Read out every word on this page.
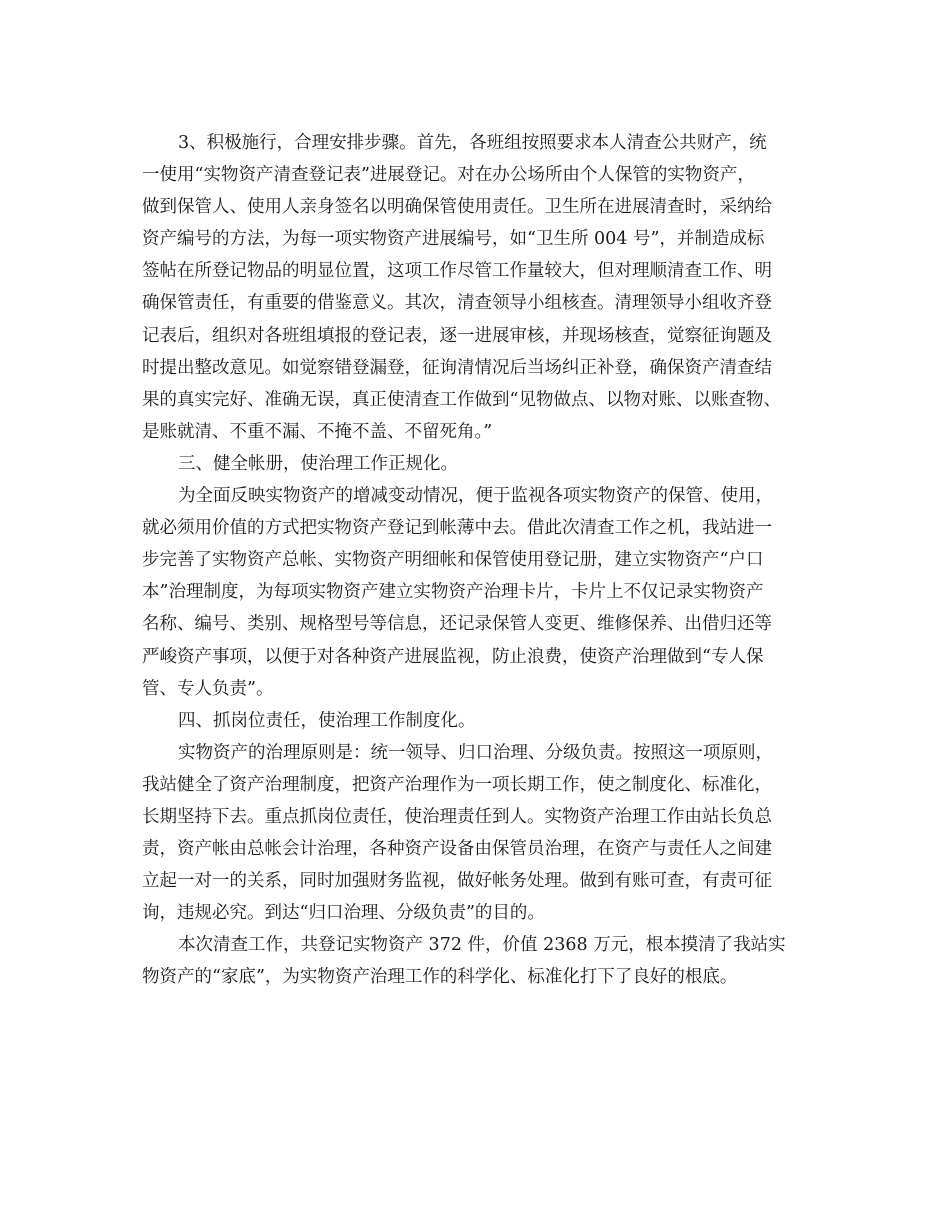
3、积极施行，合理安排步骤。首先，各班组按照要求本人清查公共财产，统
一使用“实物资产清查登记表”进展登记。对在办公场所由个人保管的实物资产，
做到保管人、使用人亲身签名以明确保管使用责任。卫生所在进展清查时，采纳给
资产编号的方法，为每一项实物资产进展编号，如“卫生所 004 号”，并制造成标
签帖在所登记物品的明显位置，这项工作尽管工作量较大，但对理顺清查工作、明
确保管责任，有重要的借鉴意义。其次，清查领导小组核查。清理领导小组收齐登
记表后，组织对各班组填报的登记表，逐一进展审核，并现场核查，觉察征询题及
时提出整改意见。如觉察错登漏登，征询清情况后当场纠正补登，确保资产清查结
果的真实完好、准确无误，真正使清查工作做到“见物做点、以物对账、以账查物、
是账就清、不重不漏、不掩不盖、不留死角。”
三、健全帐册，使治理工作正规化。
为全面反映实物资产的增减变动情况，便于监视各项实物资产的保管、使用，
就必须用价值的方式把实物资产登记到帐薄中去。借此次清查工作之机，我站进一
步完善了实物资产总帐、实物资产明细帐和保管使用登记册，建立实物资产“户口
本”治理制度，为每项实物资产建立实物资产治理卡片，卡片上不仅记录实物资产
名称、编号、类别、规格型号等信息，还记录保管人变更、维修保养、出借归还等
严峻资产事项，以便于对各种资产进展监视，防止浪费，使资产治理做到“专人保
管、专人负责”。
四、抓岗位责任，使治理工作制度化。
实物资产的治理原则是：统一领导、归口治理、分级负责。按照这一项原则，
我站健全了资产治理制度，把资产治理作为一项长期工作，使之制度化、标准化，
长期坚持下去。重点抓岗位责任，使治理责任到人。实物资产治理工作由站长负总
责，资产帐由总帐会计治理，各种资产设备由保管员治理，在资产与责任人之间建
立起一对一的关系，同时加强财务监视，做好帐务处理。做到有账可查，有责可征
询，违规必究。到达“归口治理、分级负责”的目的。
本次清查工作，共登记实物资产 372 件，价值 2368 万元，根本摸清了我站实
物资产的“家底”，为实物资产治理工作的科学化、标准化打下了良好的根底。
